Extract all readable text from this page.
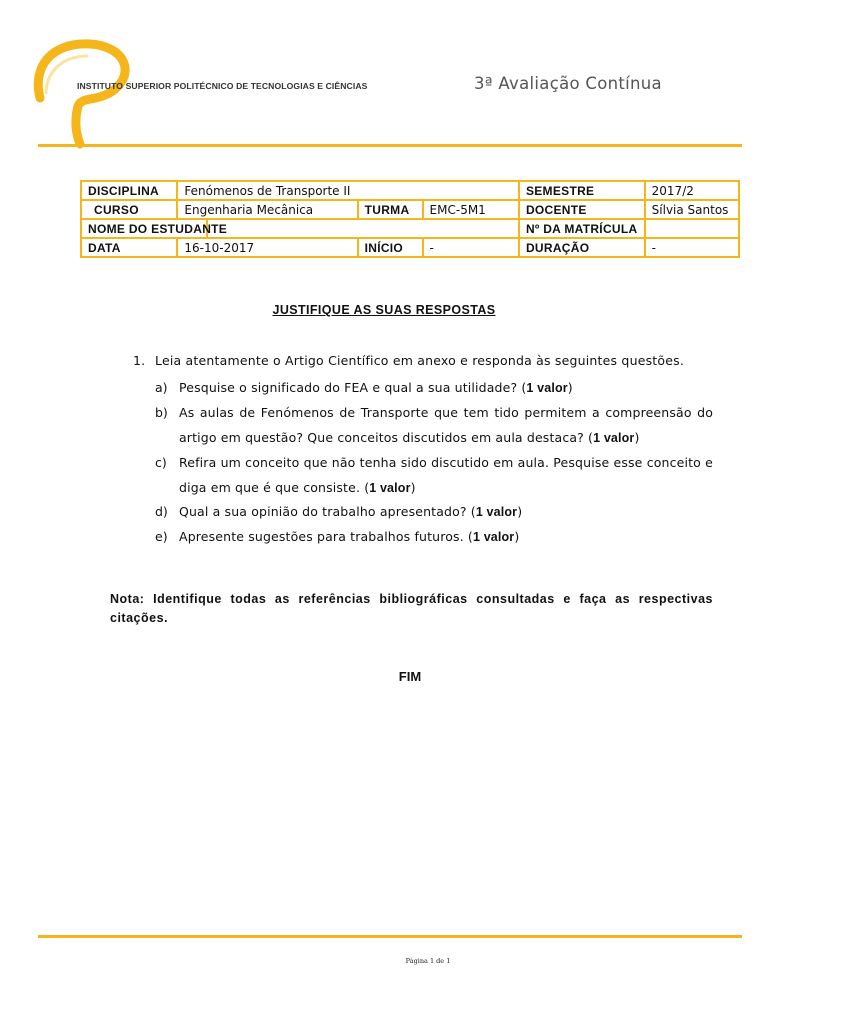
INSTITUTO SUPERIOR POLITÉCNICO DE TECNOLOGIAS E CIÊNCIAS	3ª Avaliação Contínua
DISCIPLINA	Fenómenos de Transporte II				SEMESTRE	2017/2
CURSO	Engenharia Mecânica		TURMA	EMC-5M1	DOCENTE	Sílvia Santos
NOME DO ESTUDANTE					Nº DA MATRÍCULA	
DATA	16-10-2017		INÍCIO	-	DURAÇÃO	-
JUSTIFIQUE AS SUAS RESPOSTAS
1. Leia atentamente o Artigo Científico em anexo e responda às seguintes questões.
a) Pesquise o significado do FEA e qual a sua utilidade? (1 valor)
b) As aulas de Fenómenos de Transporte que tem tido permitem a compreensão do artigo em questão? Que conceitos discutidos em aula destaca? (1 valor)
c) Refira um conceito que não tenha sido discutido em aula. Pesquise esse conceito e diga em que é que consiste. (1 valor)
d) Qual a sua opinião do trabalho apresentado? (1 valor)
e) Apresente sugestões para trabalhos futuros. (1 valor)
Nota: Identifique todas as referências bibliográficas consultadas e faça as respectivas citações.
FIM
Página 1 de 1
